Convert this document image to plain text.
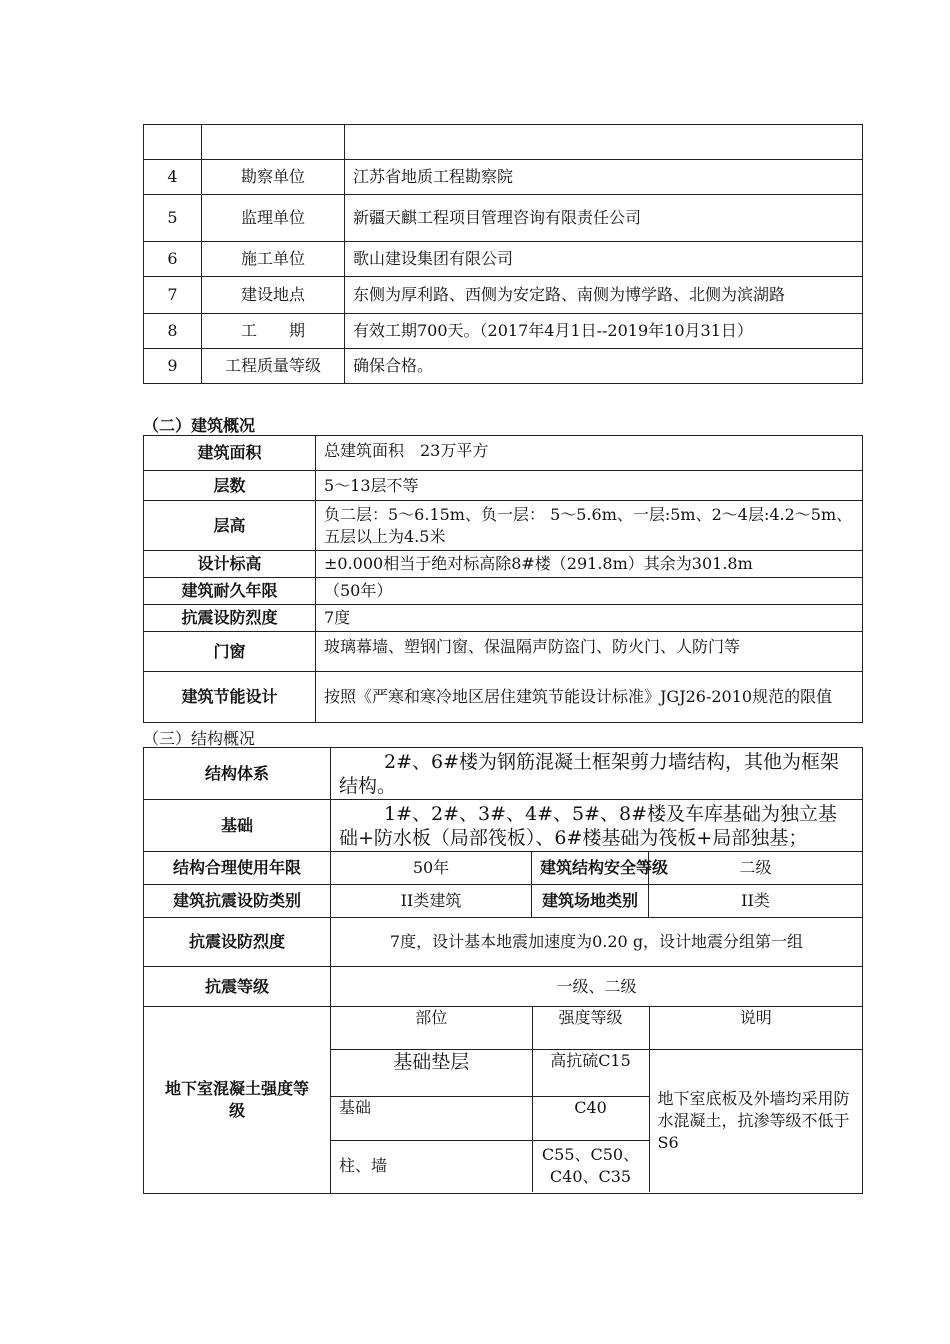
4	勘察单位	江苏省地质工程勘察院
5	监理单位	新疆天麒工程项目管理咨询有限责任公司
6	施工单位	歌山建设集团有限公司
7	建设地点	东侧为厚利路、西侧为安定路、南侧为博学路、北侧为滨湖路
8	工　　期	有效工期700天。（2017年4月1日--2019年10月31日）
9	工程质量等级	确保合格。
（二）建筑概况
建筑面积	总建筑面积　23万平方
层数	5～13层不等
层高	负二层：5～6.15m、负一层： 5～5.6m、一层:5m、2～4层:4.2～5m、五层以上为4.5米
设计标高	±0.000相当于绝对标高除8#楼（291.8m）其余为301.8m
建筑耐久年限	（50年）
抗震设防烈度	7度
门窗	玻璃幕墙、塑钢门窗、保温隔声防盗门、防火门、人防门等
建筑节能设计	按照《严寒和寒冷地区居住建筑节能设计标准》JGJ26-2010规范的限值
（三）结构概况
结构体系	2#、6#楼为钢筋混凝土框架剪力墙结构，其他为框架结构。
基础	1#、2#、3#、4#、5#、8#楼及车库基础为独立基础+防水板（局部筏板）、6#楼基础为筏板+局部独基；
结构合理使用年限	50年	建筑结构安全等级	二级
建筑抗震设防类别	II类建筑	建筑场地类别	II类
抗震设防烈度	7度，设计基本地震加速度为0.20 g，设计地震分组第一组
抗震等级	一级、二级
地下室混凝土强度等级	
部位	强度等级	说明
基础垫层	高抗硫C15	地下室底板及外墙均采用防水混凝土，抗渗等级不低于S6
基础	C40
柱、墙	C55、C50、C40、C35
